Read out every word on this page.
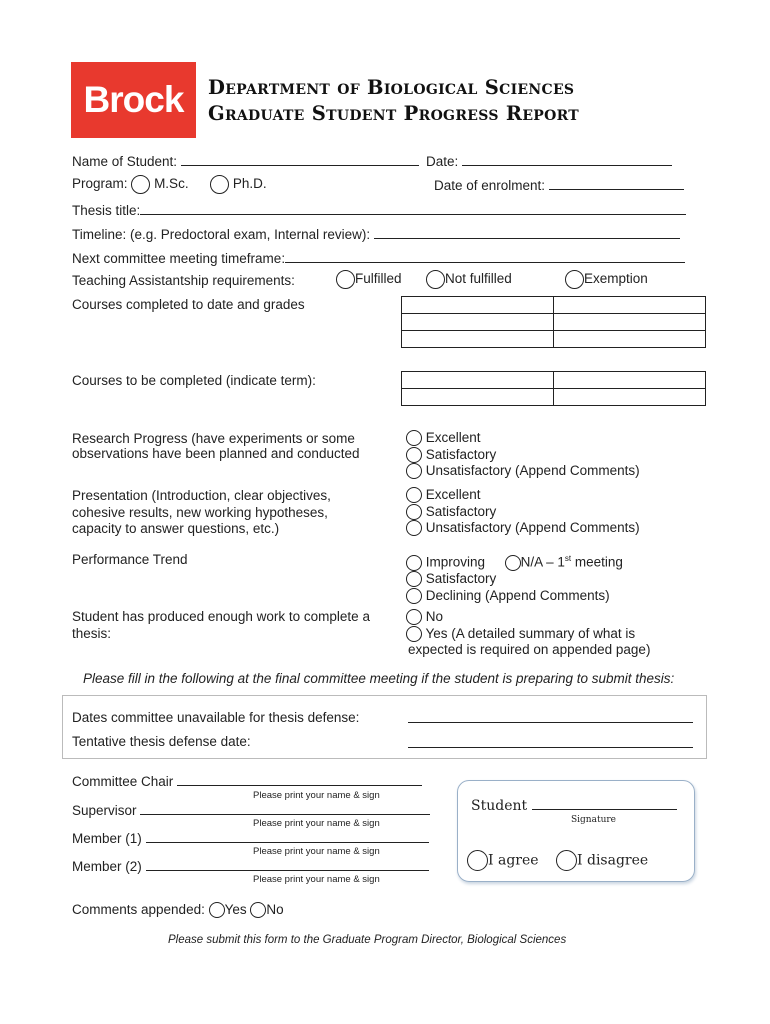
Brock Department of Biological Sciences
Graduate Student Progress Report
Name of Student:	Date:
Program: M.Sc.	Ph.D.	Date of enrolment:
Thesis title:
Timeline: (e.g. Predoctoral exam, Internal review):
Next committee meeting timeframe:
Teaching Assistantship requirements:	Fulfilled	Not fulfilled	Exemption
Courses completed to date and grades

Courses to be completed (indicate term):

Research Progress (have experiments or some
observations have been planned and conducted
Excellent
Satisfactory
Unsatisfactory (Append Comments)
Presentation (Introduction, clear objectives,
cohesive results, new working hypotheses,
capacity to answer questions, etc.)
Excellent
Satisfactory
Unsatisfactory (Append Comments)
Performance Trend	Improving	N/A – 1st meeting
Satisfactory
Declining (Append Comments)
Student has produced enough work to complete a
thesis:
No
Yes (A detailed summary of what is
expected is required on appended page)
Please fill in the following at the final committee meeting if the student is preparing to submit thesis:
Dates committee unavailable for thesis defense:
Tentative thesis defense date:
Committee Chair
Please print your name & sign
Supervisor
Please print your name & sign
Member (1)
Please print your name & sign
Member (2)
Please print your name & sign
Student
Signature
I agree	I disagree
Comments appended: Yes No
Please submit this form to the Graduate Program Director, Biological Sciences
